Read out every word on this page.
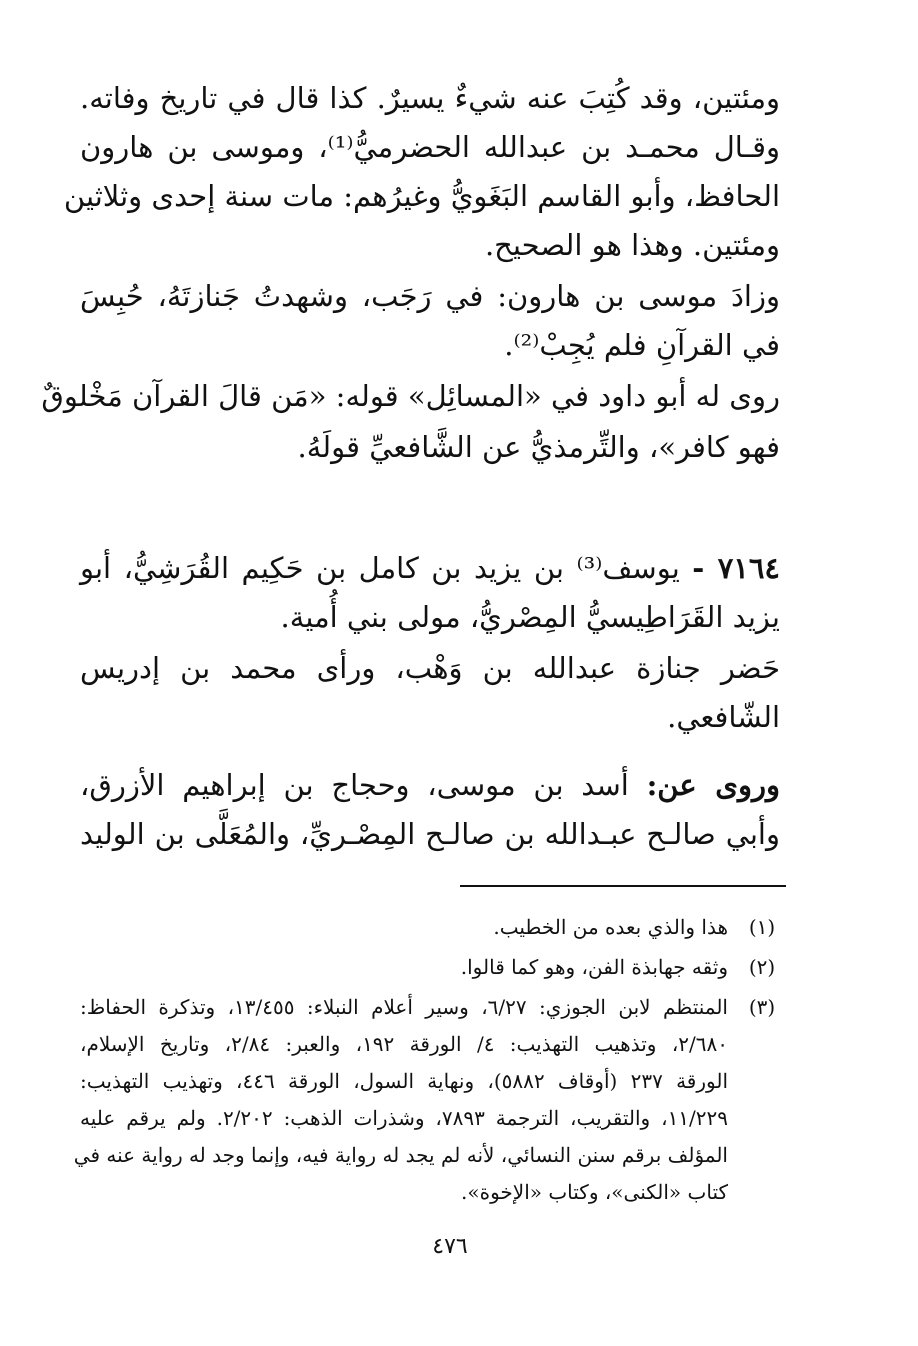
ومئتين، وقد كُتِبَ عنه شيءٌ يسيرٌ. كذا قال في تاريخ وفاته.
وقـال محمـد بن عبدالله الحضرميُّ⁽¹⁾، وموسى بن هارون
الحافظ، وأبو القاسم البَغَويُّ وغيرُهم: مات سنة إحدى وثلاثين
ومئتين. وهذا هو الصحيح.
وزادَ موسى بن هارون: في رَجَب، وشهدتُ جَنازتَهُ، حُبِسَ
في القرآنِ فلم يُجِبْ⁽²⁾.
روى له أبو داود في «المسائِل» قوله: «مَن قالَ القرآن مَخْلوقٌ
فهو كافر»، والتِّرمذيُّ عن الشَّافعيِّ قولَهُ.
٧١٦٤ - يوسف⁽³⁾ بن يزيد بن كامل بن حَكِيم القُرَشِيُّ، أبو
يزيد القَرَاطِيسيُّ المِصْريُّ، مولى بني أُمية.
حَضر جنازة عبدالله بن وَهْب، ورأى محمد بن إدريس
الشّافعي.
وروى عن: أسد بن موسى، وحجاج بن إبراهيم الأزرق،
وأبي صالـح عبـدالله بن صالـح المِصْـريِّ، والمُعَلَّى بن الوليد
(١)
هذا والذي بعده من الخطيب.
(٢)
وثقه جهابذة الفن، وهو كما قالوا.
(٣)
المنتظم لابن الجوزي: ٦/٢٧، وسير أعلام النبلاء: ١٣/٤٥٥، وتذكرة الحفاظ:
٢/٦٨٠، وتذهيب التهذيب: ٤/ الورقة ١٩٢، والعبر: ٢/٨٤، وتاريخ الإسلام،
الورقة ٢٣٧ (أوقاف ٥٨٨٢)، ونهاية السول، الورقة ٤٤٦، وتهذيب التهذيب:
١١/٢٢٩، والتقريب، الترجمة ٧٨٩٣، وشذرات الذهب: ٢/٢٠٢. ولم يرقم عليه
المؤلف برقم سنن النسائي، لأنه لم يجد له رواية فيه، وإنما وجد له رواية عنه في
كتاب «الكنى»، وكتاب «الإخوة».
٤٧٦
